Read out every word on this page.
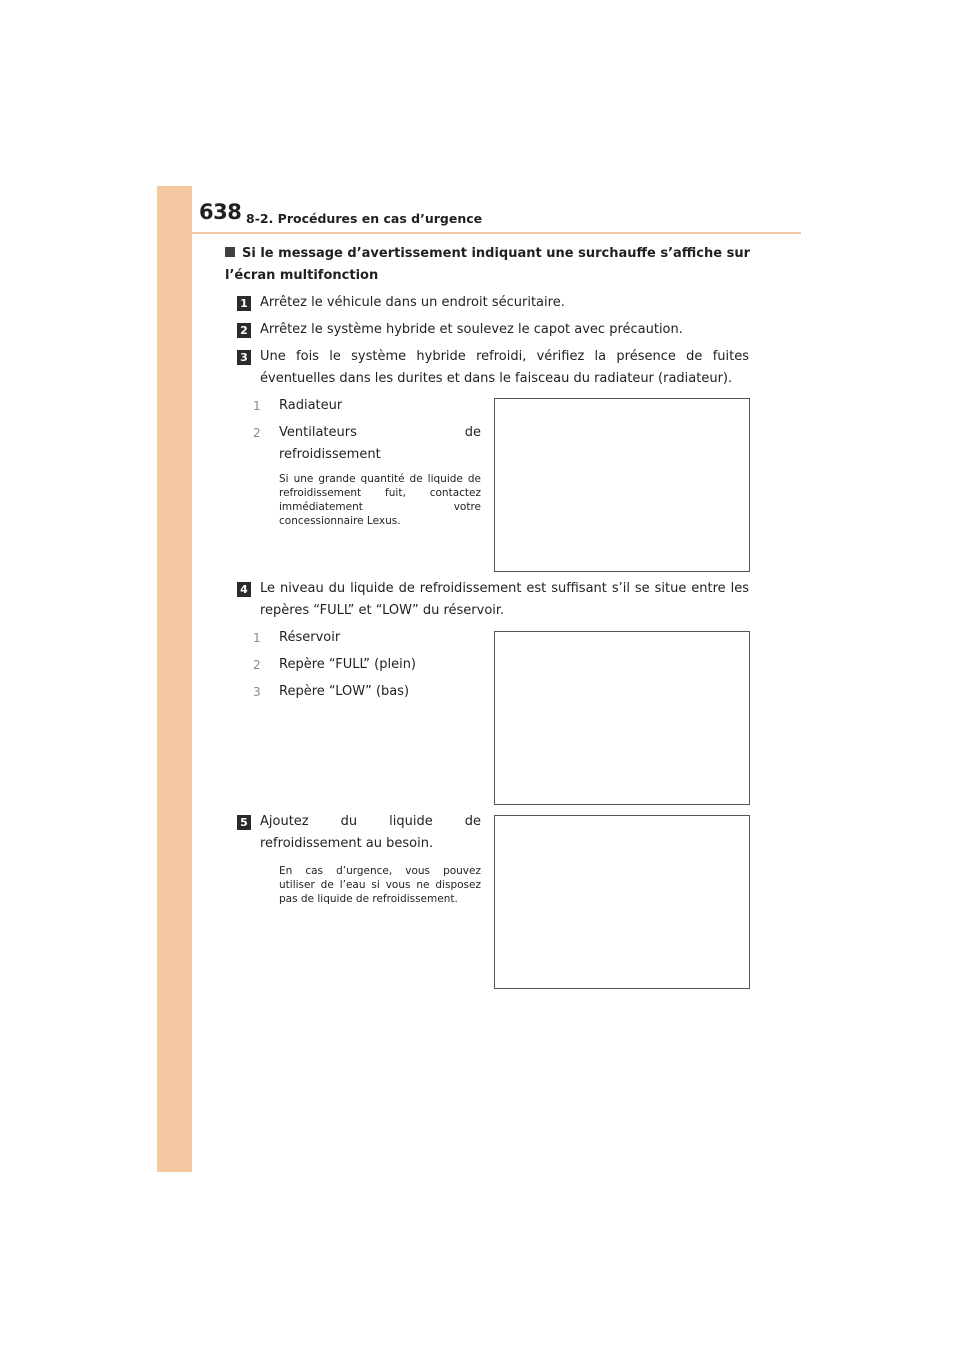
638 8-2. Procédures en cas d’urgence
Si le message d’avertissement indiquant une surchauffe s’affiche sur l’écran multifonction
1 Arrêtez le véhicule dans un endroit sécuritaire.
2 Arrêtez le système hybride et soulevez le capot avec précaution.
3 Une fois le système hybride refroidi, vérifiez la présence de fuites éventuelles dans les durites et dans le faisceau du radiateur (radiateur).
1 Radiateur
2 Ventilateurs de refroidissement
Si une grande quantité de liquide de refroidissement fuit, contactez immédiatement votre concessionnaire Lexus.
4 Le niveau du liquide de refroidissement est suffisant s’il se situe entre les repères “FULL” et “LOW” du réservoir.
1 Réservoir
2 Repère “FULL” (plein)
3 Repère “LOW” (bas)
5 Ajoutez du liquide de refroidissement au besoin.
En cas d’urgence, vous pouvez utiliser de l’eau si vous ne disposez pas de liquide de refroidissement.
